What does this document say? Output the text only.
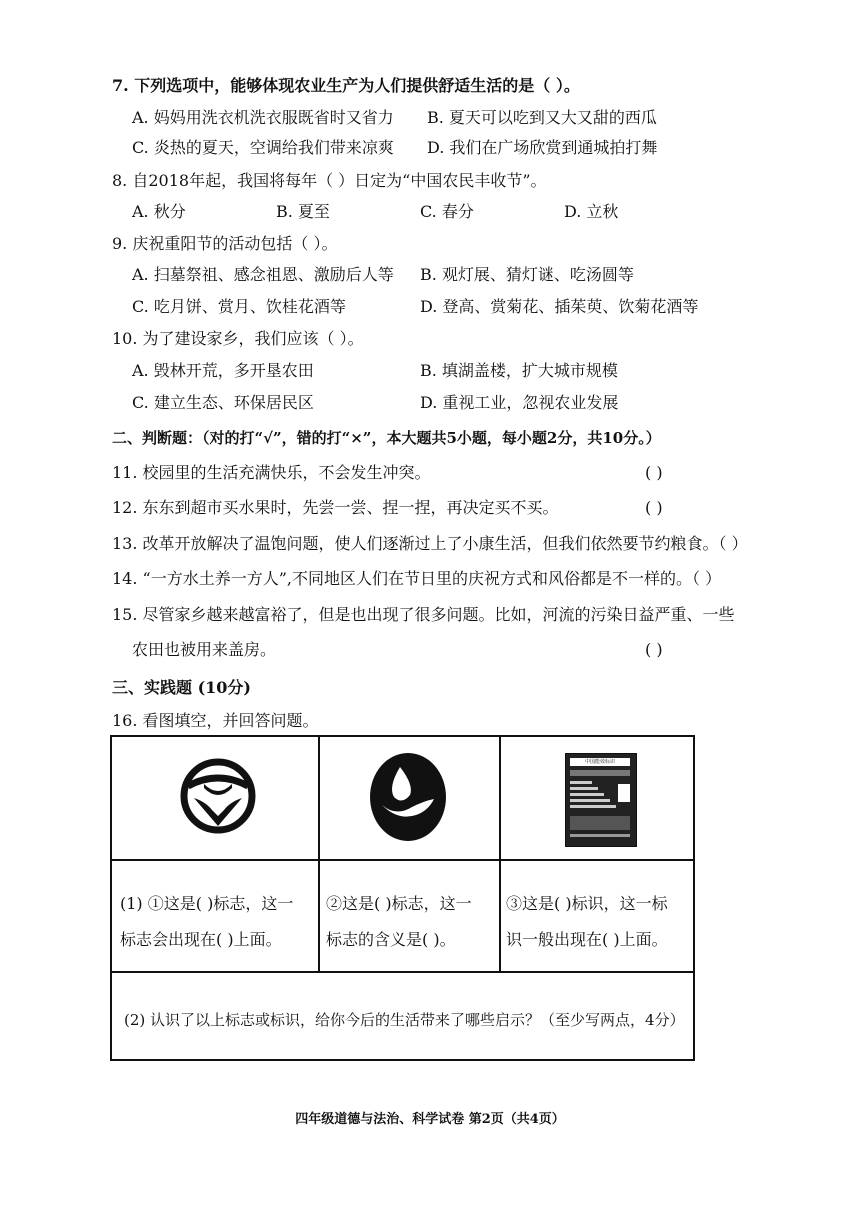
7. 下列选项中，能够体现农业生产为人们提供舒适生活的是（ ）。
A. 妈妈用洗衣机洗衣服既省时又省力 B. 夏天可以吃到又大又甜的西瓜
C. 炎热的夏天，空调给我们带来凉爽 D. 我们在广场欣赏到通城拍打舞
8. 自2018年起，我国将每年（ ）日定为“中国农民丰收节”。
A. 秋分	B. 夏至	C. 春分	D. 立秋
9. 庆祝重阳节的活动包括（ ）。
A. 扫墓祭祖、感念祖恩、激励后人等 B. 观灯展、猜灯谜、吃汤圆等
C. 吃月饼、赏月、饮桂花酒等	D. 登高、赏菊花、插茱萸、饮菊花酒等
10. 为了建设家乡，我们应该（ ）。
A. 毁林开荒，多开垦农田	B. 填湖盖楼，扩大城市规模
C. 建立生态、环保居民区	D. 重视工业，忽视农业发展
二、判断题：（对的打“√”，错的打“×”，本大题共5小题，每小题2分，共10分。）
11. 校园里的生活充满快乐，不会发生冲突。	( )
12. 东东到超市买水果时，先尝一尝、捏一捏，再决定买不买。	( )
13. 改革开放解决了温饱问题，使人们逐渐过上了小康生活，但我们依然要节约粮食。（ ）
14. “一方水土养一方人”,不同地区人们在节日里的庆祝方式和风俗都是不一样的。（ ）
15. 尽管家乡越来越富裕了，但是也出现了很多问题。比如，河流的污染日益严重、一些
农田也被用来盖房。	( )
三、实践题 (10分)
16. 看图填空，并回答问题。
中国能效标识
(1) ①这是( )标志，这一
标志会出现在( )上面。
②这是( )标志，这一
标志的含义是( )。
③这是( )标识，这一标
识一般出现在( )上面。
(2) 认识了以上标志或标识，给你今后的生活带来了哪些启示？（至少写两点，4分）
四年级道德与法治、科学试卷 第2页（共4页）
